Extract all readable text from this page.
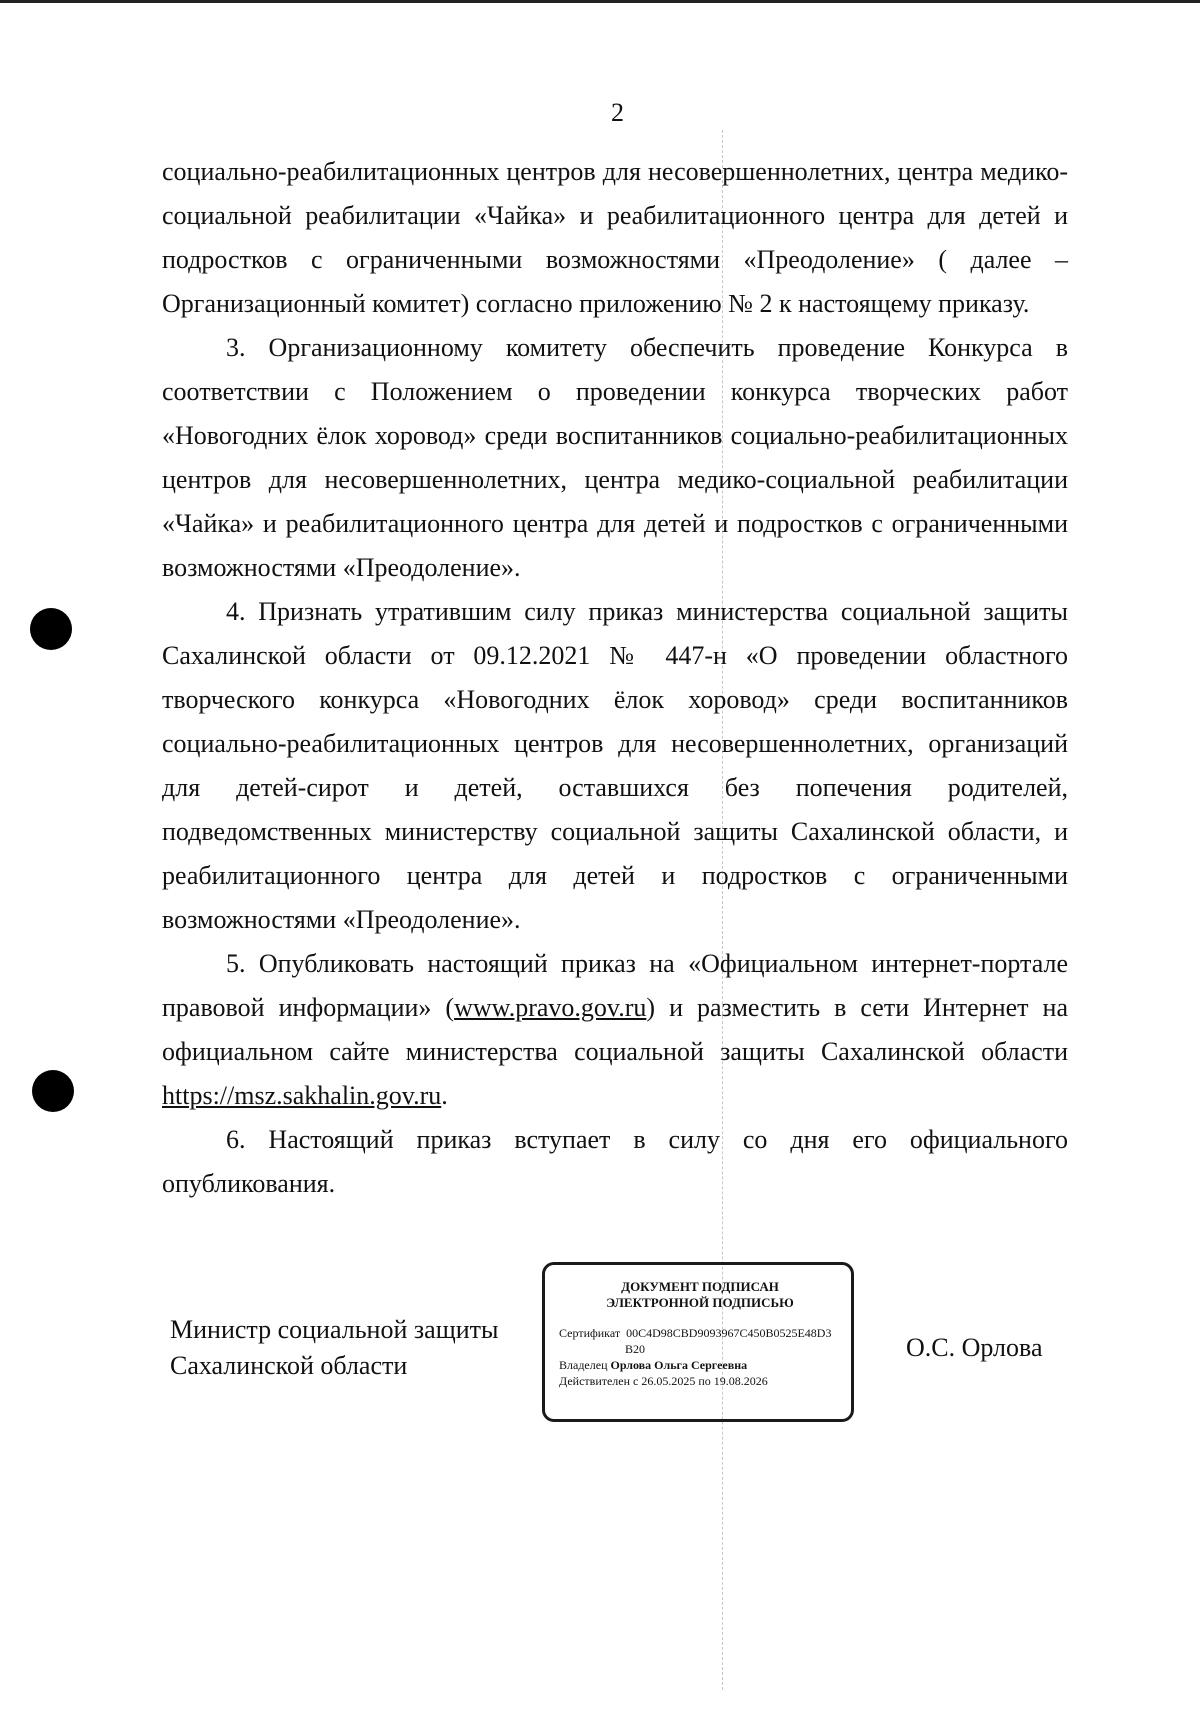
2

социально-реабилитационных центров для несовершеннолетних, центра медико-социальной реабилитации «Чайка» и реабилитационного центра для детей и подростков с ограниченными возможностями «Преодоление» ( далее – Организационный комитет) согласно приложению № 2 к настоящему приказу.

3. Организационному комитету обеспечить проведение Конкурса в соответствии с Положением о проведении конкурса творческих работ «Новогодних ёлок хоровод» среди воспитанников социально-реабилитационных центров для несовершеннолетних, центра медико-социальной реабилитации «Чайка» и реабилитационного центра для детей и подростков с ограниченными возможностями «Преодоление».

4. Признать утратившим силу приказ министерства социальной защиты Сахалинской области от 09.12.2021 № 447-н «О проведении областного творческого конкурса «Новогодних ёлок хоровод» среди воспитанников социально-реабилитационных центров для несовершеннолетних, организаций для детей-сирот и детей, оставшихся без попечения родителей, подведомственных министерству социальной защиты Сахалинской области, и реабилитационного центра для детей и подростков с ограниченными возможностями «Преодоление».

5. Опубликовать настоящий приказ на «Официальном интернет-портале правовой информации» (www.pravo.gov.ru) и разместить в сети Интернет на официальном сайте министерства социальной защиты Сахалинской области https://msz.sakhalin.gov.ru.

6. Настоящий приказ вступает в силу со дня его официального опубликования.

Министр социальной защиты
Сахалинской области
ДОКУМЕНТ ПОДПИСАН
ЭЛЕКТРОННОЙ ПОДПИСЬЮ

Сертификат 00C4D98CBD9093967C450B0525E48D3

B20

Владелец Орлова Ольга Сергеевна

Действителен с 26.05.2025 по 19.08.2026

О.С. Орлова
